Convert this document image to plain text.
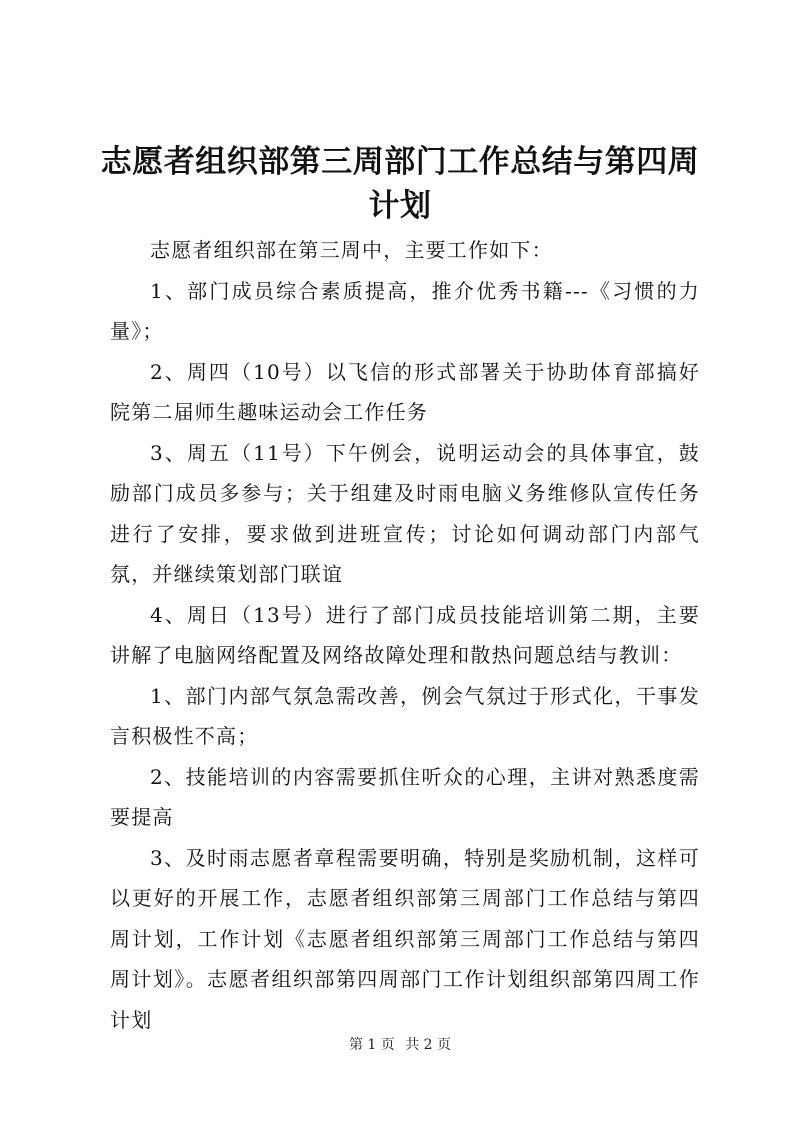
志愿者组织部第三周部门工作总结与第四周计划

志愿者组织部在第三周中，主要工作如下：

1、部门成员综合素质提高，推介优秀书籍---《习惯的力量》；

2、周四（10号）以飞信的形式部署关于协助体育部搞好院第二届师生趣味运动会工作任务

3、周五（11号）下午例会，说明运动会的具体事宜，鼓励部门成员多参与；关于组建及时雨电脑义务维修队宣传任务进行了安排，要求做到进班宣传；讨论如何调动部门内部气氛，并继续策划部门联谊

4、周日（13号）进行了部门成员技能培训第二期，主要讲解了电脑网络配置及网络故障处理和散热问题总结与教训：

1、部门内部气氛急需改善，例会气氛过于形式化，干事发言积极性不高；

2、技能培训的内容需要抓住听众的心理，主讲对熟悉度需要提高

3、及时雨志愿者章程需要明确，特别是奖励机制，这样可以更好的开展工作，志愿者组织部第三周部门工作总结与第四周计划，工作计划《志愿者组织部第三周部门工作总结与第四周计划》。志愿者组织部第四周部门工作计划组织部第四周工作计划

第 1 页 共 2 页
